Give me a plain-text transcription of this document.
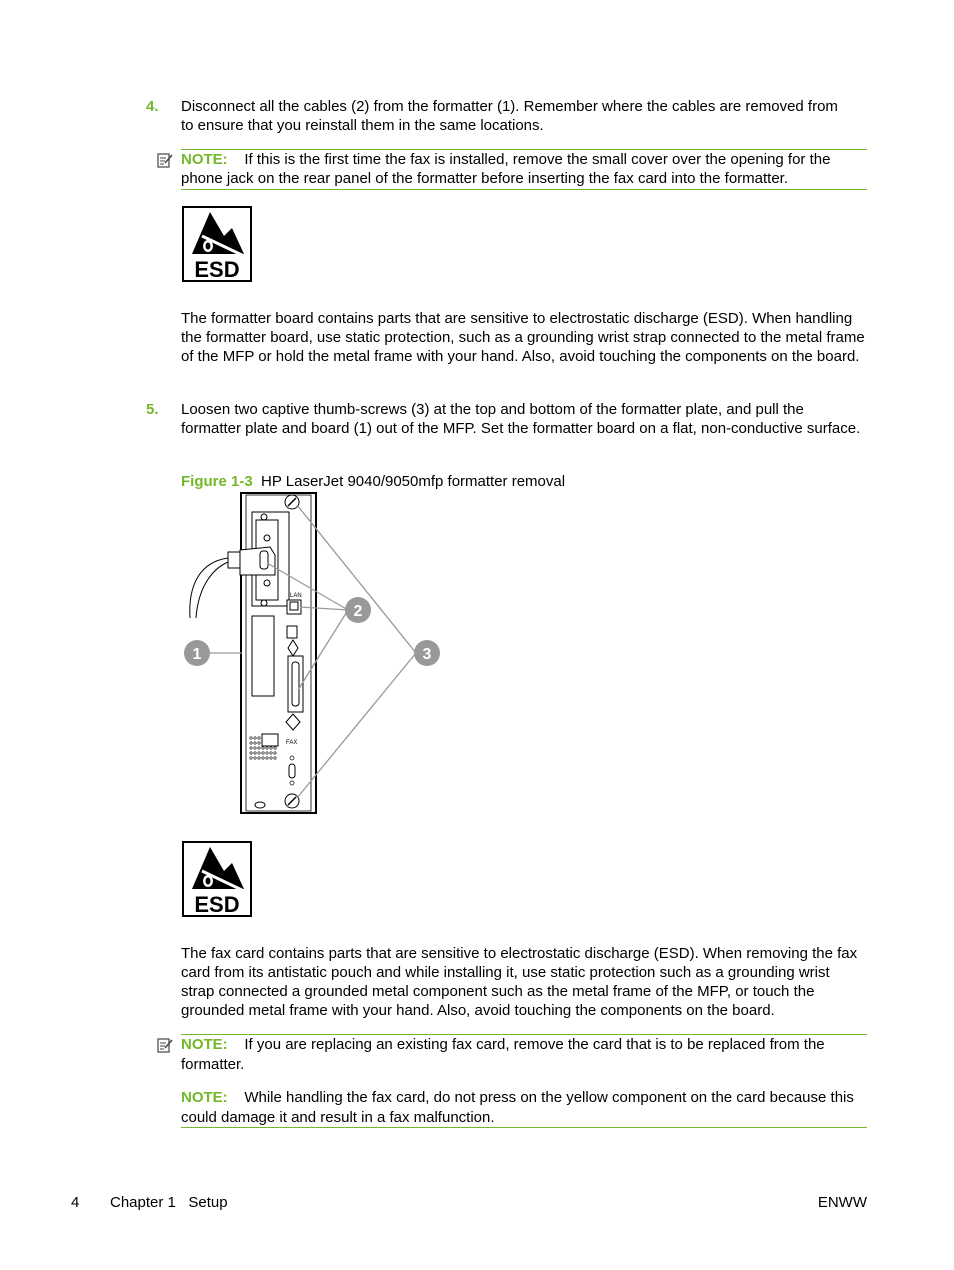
4. Disconnect all the cables (2) from the formatter (1). Remember where the cables are removed from
to ensure that you reinstall them in the same locations.
NOTE: If this is the first time the fax is installed, remove the small cover over the opening for the phone jack on the rear panel of the formatter before inserting the fax card into the formatter.
ESD
The formatter board contains parts that are sensitive to electrostatic discharge (ESD). When handling the formatter board, use static protection, such as a grounding wrist strap connected to the metal frame of the MFP or hold the metal frame with your hand. Also, avoid touching the components on the board.
5. Loosen two captive thumb-screws (3) at the top and bottom of the formatter plate, and pull the formatter plate and board (1) out of the MFP. Set the formatter board on a flat, non-conductive surface.
Figure 1-3 HP LaserJet 9040/9050mfp formatter removal
LAN
FAX
1
2
3
ESD
The fax card contains parts that are sensitive to electrostatic discharge (ESD). When removing the fax card from its antistatic pouch and while installing it, use static protection such as a grounding wrist strap connected a grounded metal component such as the metal frame of the MFP, or touch the grounded metal frame with your hand. Also, avoid touching the components on the board.
NOTE: If you are replacing an existing fax card, remove the card that is to be replaced from the formatter.
NOTE: While handling the fax card, do not press on the yellow component on the card because this could damage it and result in a fax malfunction.
4 Chapter 1   Setup	ENWW
